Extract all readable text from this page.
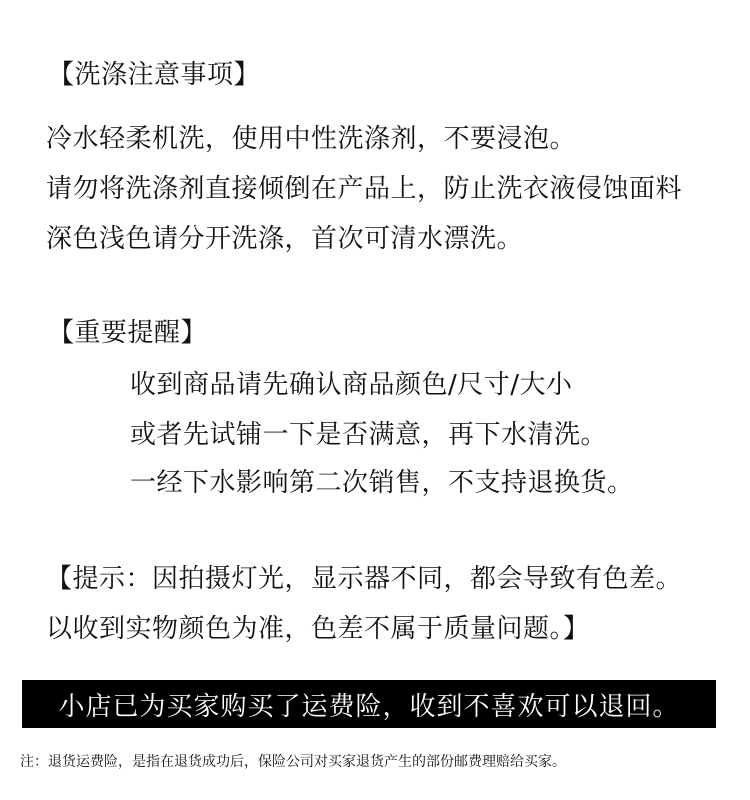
【洗涤注意事项】
冷水轻柔机洗，使用中性洗涤剂，不要浸泡。
请勿将洗涤剂直接倾倒在产品上，防止洗衣液侵蚀面料
深色浅色请分开洗涤，首次可清水漂洗。
【重要提醒】
收到商品请先确认商品颜色/尺寸/大小
或者先试铺一下是否满意，再下水清洗。
一经下水影响第二次销售，不支持退换货。
【提示：因拍摄灯光，显示器不同，都会导致有色差。
以收到实物颜色为准，色差不属于质量问题。】
小店已为买家购买了运费险，收到不喜欢可以退回。
注：退货运费险，是指在退货成功后，保险公司对买家退货产生的部份邮费理赔给买家。
